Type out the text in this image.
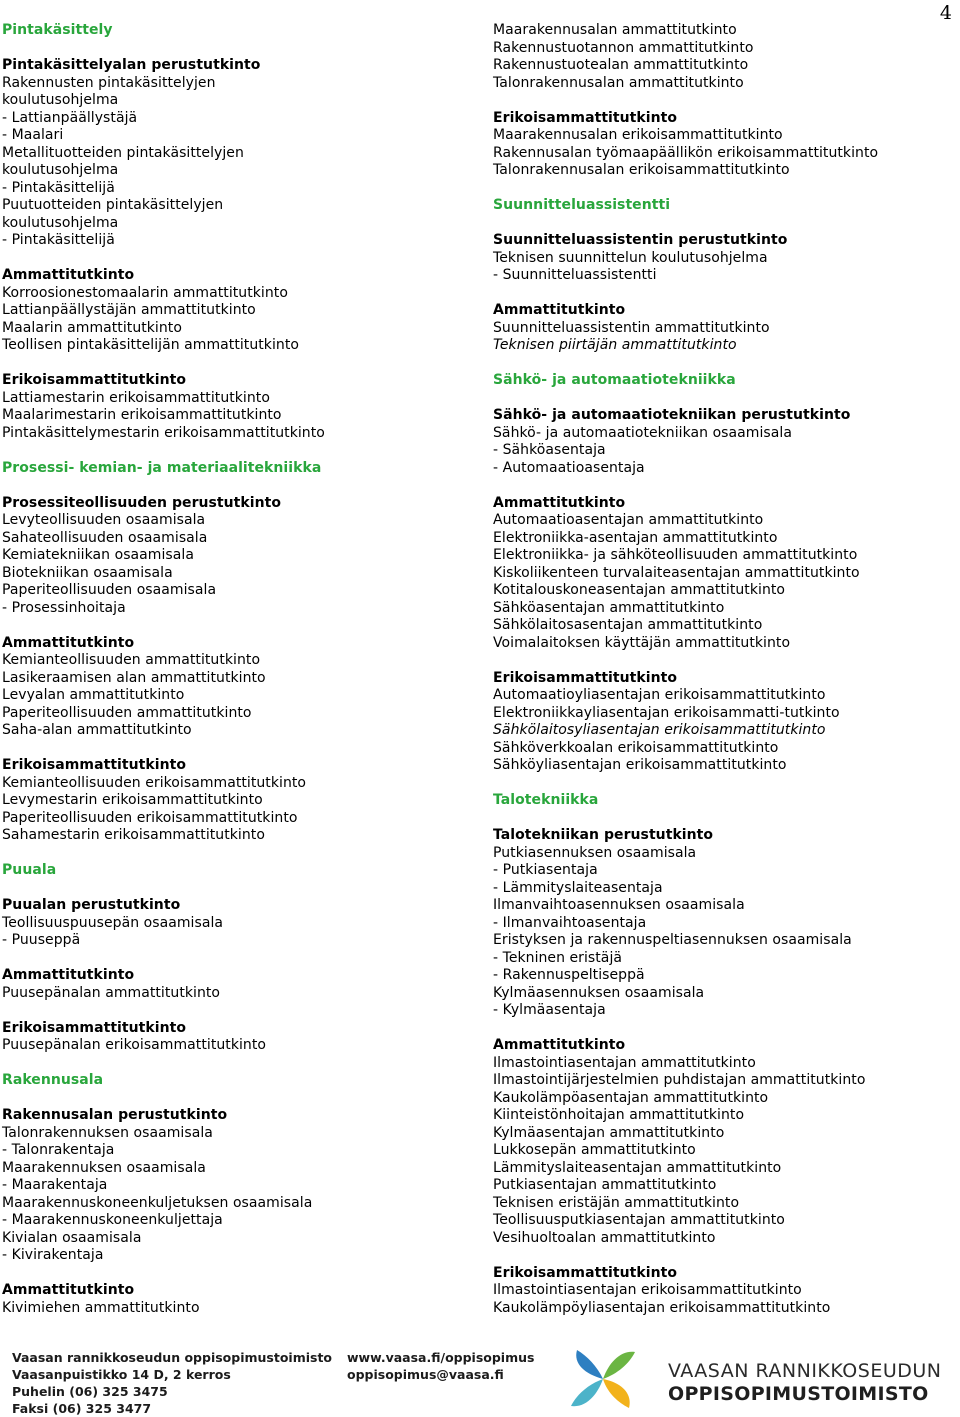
4
Pintakäsittely
Pintakäsittelyalan perustutkinto
Rakennusten pintakäsittelyjen
koulutusohjelma
- Lattianpäällystäjä
- Maalari
Metallituotteiden pintakäsittelyjen
koulutusohjelma
- Pintakäsittelijä
Puutuotteiden pintakäsittelyjen
koulutusohjelma
- Pintakäsittelijä
Ammattitutkinto
Korroosionestomaalarin ammattitutkinto
Lattianpäällystäjän ammattitutkinto
Maalarin ammattitutkinto
Teollisen pintakäsittelijän ammattitutkinto
Erikoisammattitutkinto
Lattiamestarin erikoisammattitutkinto
Maalarimestarin erikoisammattitutkinto
Pintakäsittelymestarin erikoisammattitutkinto
Prosessi- kemian- ja materiaalitekniikka
Prosessiteollisuuden perustutkinto
Levyteollisuuden osaamisala
Sahateollisuuden osaamisala
Kemiatekniikan osaamisala
Biotekniikan osaamisala
Paperiteollisuuden osaamisala
- Prosessinhoitaja
Ammattitutkinto
Kemianteollisuuden ammattitutkinto
Lasikeraamisen alan ammattitutkinto
Levyalan ammattitutkinto
Paperiteollisuuden ammattitutkinto
Saha-alan ammattitutkinto
Erikoisammattitutkinto
Kemianteollisuuden erikoisammattitutkinto
Levymestarin erikoisammattitutkinto
Paperiteollisuuden erikoisammattitutkinto
Sahamestarin erikoisammattitutkinto
Puuala
Puualan perustutkinto
Teollisuuspuusepän osaamisala
- Puuseppä
Ammattitutkinto
Puusepänalan ammattitutkinto
Erikoisammattitutkinto
Puusepänalan erikoisammattitutkinto
Rakennusala
Rakennusalan perustutkinto
Talonrakennuksen osaamisala
- Talonrakentaja
Maarakennuksen osaamisala
- Maarakentaja
Maarakennuskoneenkuljetuksen osaamisala
- Maarakennuskoneenkuljettaja
Kivialan osaamisala
- Kivirakentaja
Ammattitutkinto
Kivimiehen ammattitutkinto
Maarakennusalan ammattitutkinto
Rakennustuotannon ammattitutkinto
Rakennustuotealan ammattitutkinto
Talonrakennusalan ammattitutkinto
Erikoisammattitutkinto
Maarakennusalan erikoisammattitutkinto
Rakennusalan työmaapäällikön erikoisammattitutkinto
Talonrakennusalan erikoisammattitutkinto
Suunnitteluassistentti
Suunnitteluassistentin perustutkinto
Teknisen suunnittelun koulutusohjelma
- Suunnitteluassistentti
Ammattitutkinto
Suunnitteluassistentin ammattitutkinto
Teknisen piirtäjän ammattitutkinto
Sähkö- ja automaatiotekniikka
Sähkö- ja automaatiotekniikan perustutkinto
Sähkö- ja automaatiotekniikan osaamisala
- Sähköasentaja
- Automaatioasentaja
Ammattitutkinto
Automaatioasentajan ammattitutkinto
Elektroniikka-asentajan ammattitutkinto
Elektroniikka- ja sähköteollisuuden ammattitutkinto
Kiskoliikenteen turvalaiteasentajan ammattitutkinto
Kotitalouskoneasentajan ammattitutkinto
Sähköasentajan ammattitutkinto
Sähkölaitosasentajan ammattitutkinto
Voimalaitoksen käyttäjän ammattitutkinto
Erikoisammattitutkinto
Automaatioyliasentajan erikoisammattitutkinto
Elektroniikkayliasentajan erikoisammatti-tutkinto
Sähkölaitosyliasentajan erikoisammattitutkinto
Sähköverkkoalan erikoisammattitutkinto
Sähköyliasentajan erikoisammattitutkinto
Talotekniikka
Talotekniikan perustutkinto
Putkiasennuksen osaamisala
- Putkiasentaja
- Lämmityslaiteasentaja
Ilmanvaihtoasennuksen osaamisala
- Ilmanvaihtoasentaja
Eristyksen ja rakennuspeltiasennuksen osaamisala
- Tekninen eristäjä
- Rakennuspeltiseppä
Kylmäasennuksen osaamisala
- Kylmäasentaja
Ammattitutkinto
Ilmastointiasentajan ammattitutkinto
Ilmastointijärjestelmien puhdistajan ammattitutkinto
Kaukolämpöasentajan ammattitutkinto
Kiinteistönhoitajan ammattitutkinto
Kylmäasentajan ammattitutkinto
Lukkosepän ammattitutkinto
Lämmityslaiteasentajan ammattitutkinto
Putkiasentajan ammattitutkinto
Teknisen eristäjän ammattitutkinto
Teollisuusputkiasentajan ammattitutkinto
Vesihuoltoalan ammattitutkinto
Erikoisammattitutkinto
Ilmastointiasentajan erikoisammattitutkinto
Kaukolämpöyliasentajan erikoisammattitutkinto
Vaasan rannikkoseudun oppisopimustoimisto
Vaasanpuistikko 14 D, 2 kerros
Puhelin (06) 325 3475
Faksi (06) 325 3477
www.vaasa.fi/oppisopimus
oppisopimus@vaasa.fi	VAASAN RANNIKKOSEUDUN
OPPISOPIMUSTOIMISTO
